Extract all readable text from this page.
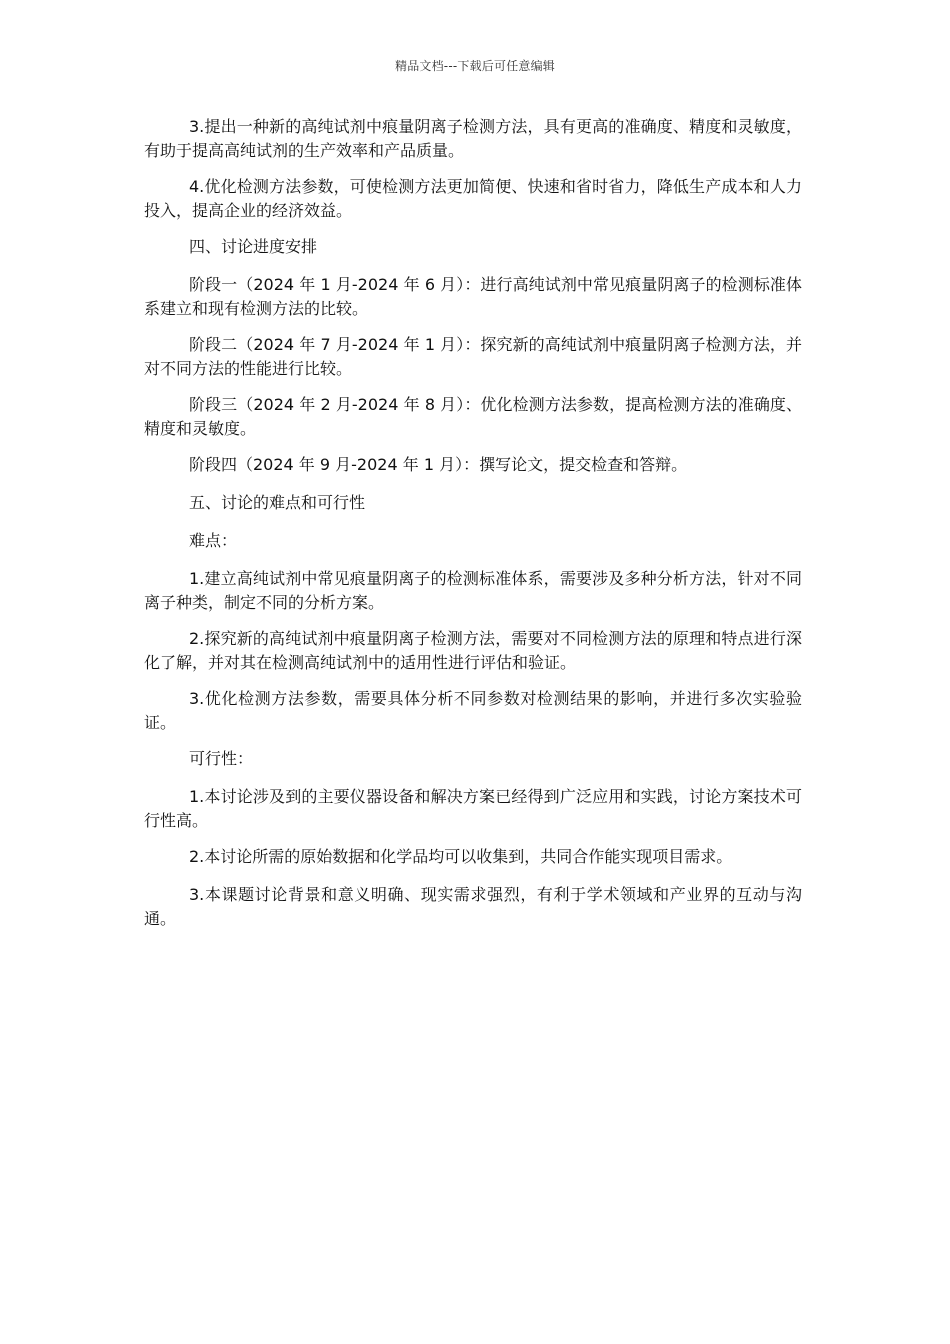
精品文档---下载后可任意编辑

3.提出一种新的高纯试剂中痕量阴离子检测方法，具有更高的准确度、精度和灵敏度，有助于提高高纯试剂的生产效率和产品质量。

4.优化检测方法参数，可使检测方法更加简便、快速和省时省力，降低生产成本和人力投入，提高企业的经济效益。

四、讨论进度安排

阶段一（2024 年 1 月-2024 年 6 月）：进行高纯试剂中常见痕量阴离子的检测标准体系建立和现有检测方法的比较。

阶段二（2024 年 7 月-2024 年 1 月）：探究新的高纯试剂中痕量阴离子检测方法，并对不同方法的性能进行比较。

阶段三（2024 年 2 月-2024 年 8 月）：优化检测方法参数，提高检测方法的准确度、精度和灵敏度。

阶段四（2024 年 9 月-2024 年 1 月）：撰写论文，提交检查和答辩。

五、讨论的难点和可行性

难点：

1.建立高纯试剂中常见痕量阴离子的检测标准体系，需要涉及多种分析方法，针对不同离子种类，制定不同的分析方案。

2.探究新的高纯试剂中痕量阴离子检测方法，需要对不同检测方法的原理和特点进行深化了解，并对其在检测高纯试剂中的适用性进行评估和验证。

3.优化检测方法参数，需要具体分析不同参数对检测结果的影响，并进行多次实验验证。

可行性：

1.本讨论涉及到的主要仪器设备和解决方案已经得到广泛应用和实践，讨论方案技术可行性高。

2.本讨论所需的原始数据和化学品均可以收集到，共同合作能实现项目需求。

3.本课题讨论背景和意义明确、现实需求强烈，有利于学术领域和产业界的互动与沟通。
